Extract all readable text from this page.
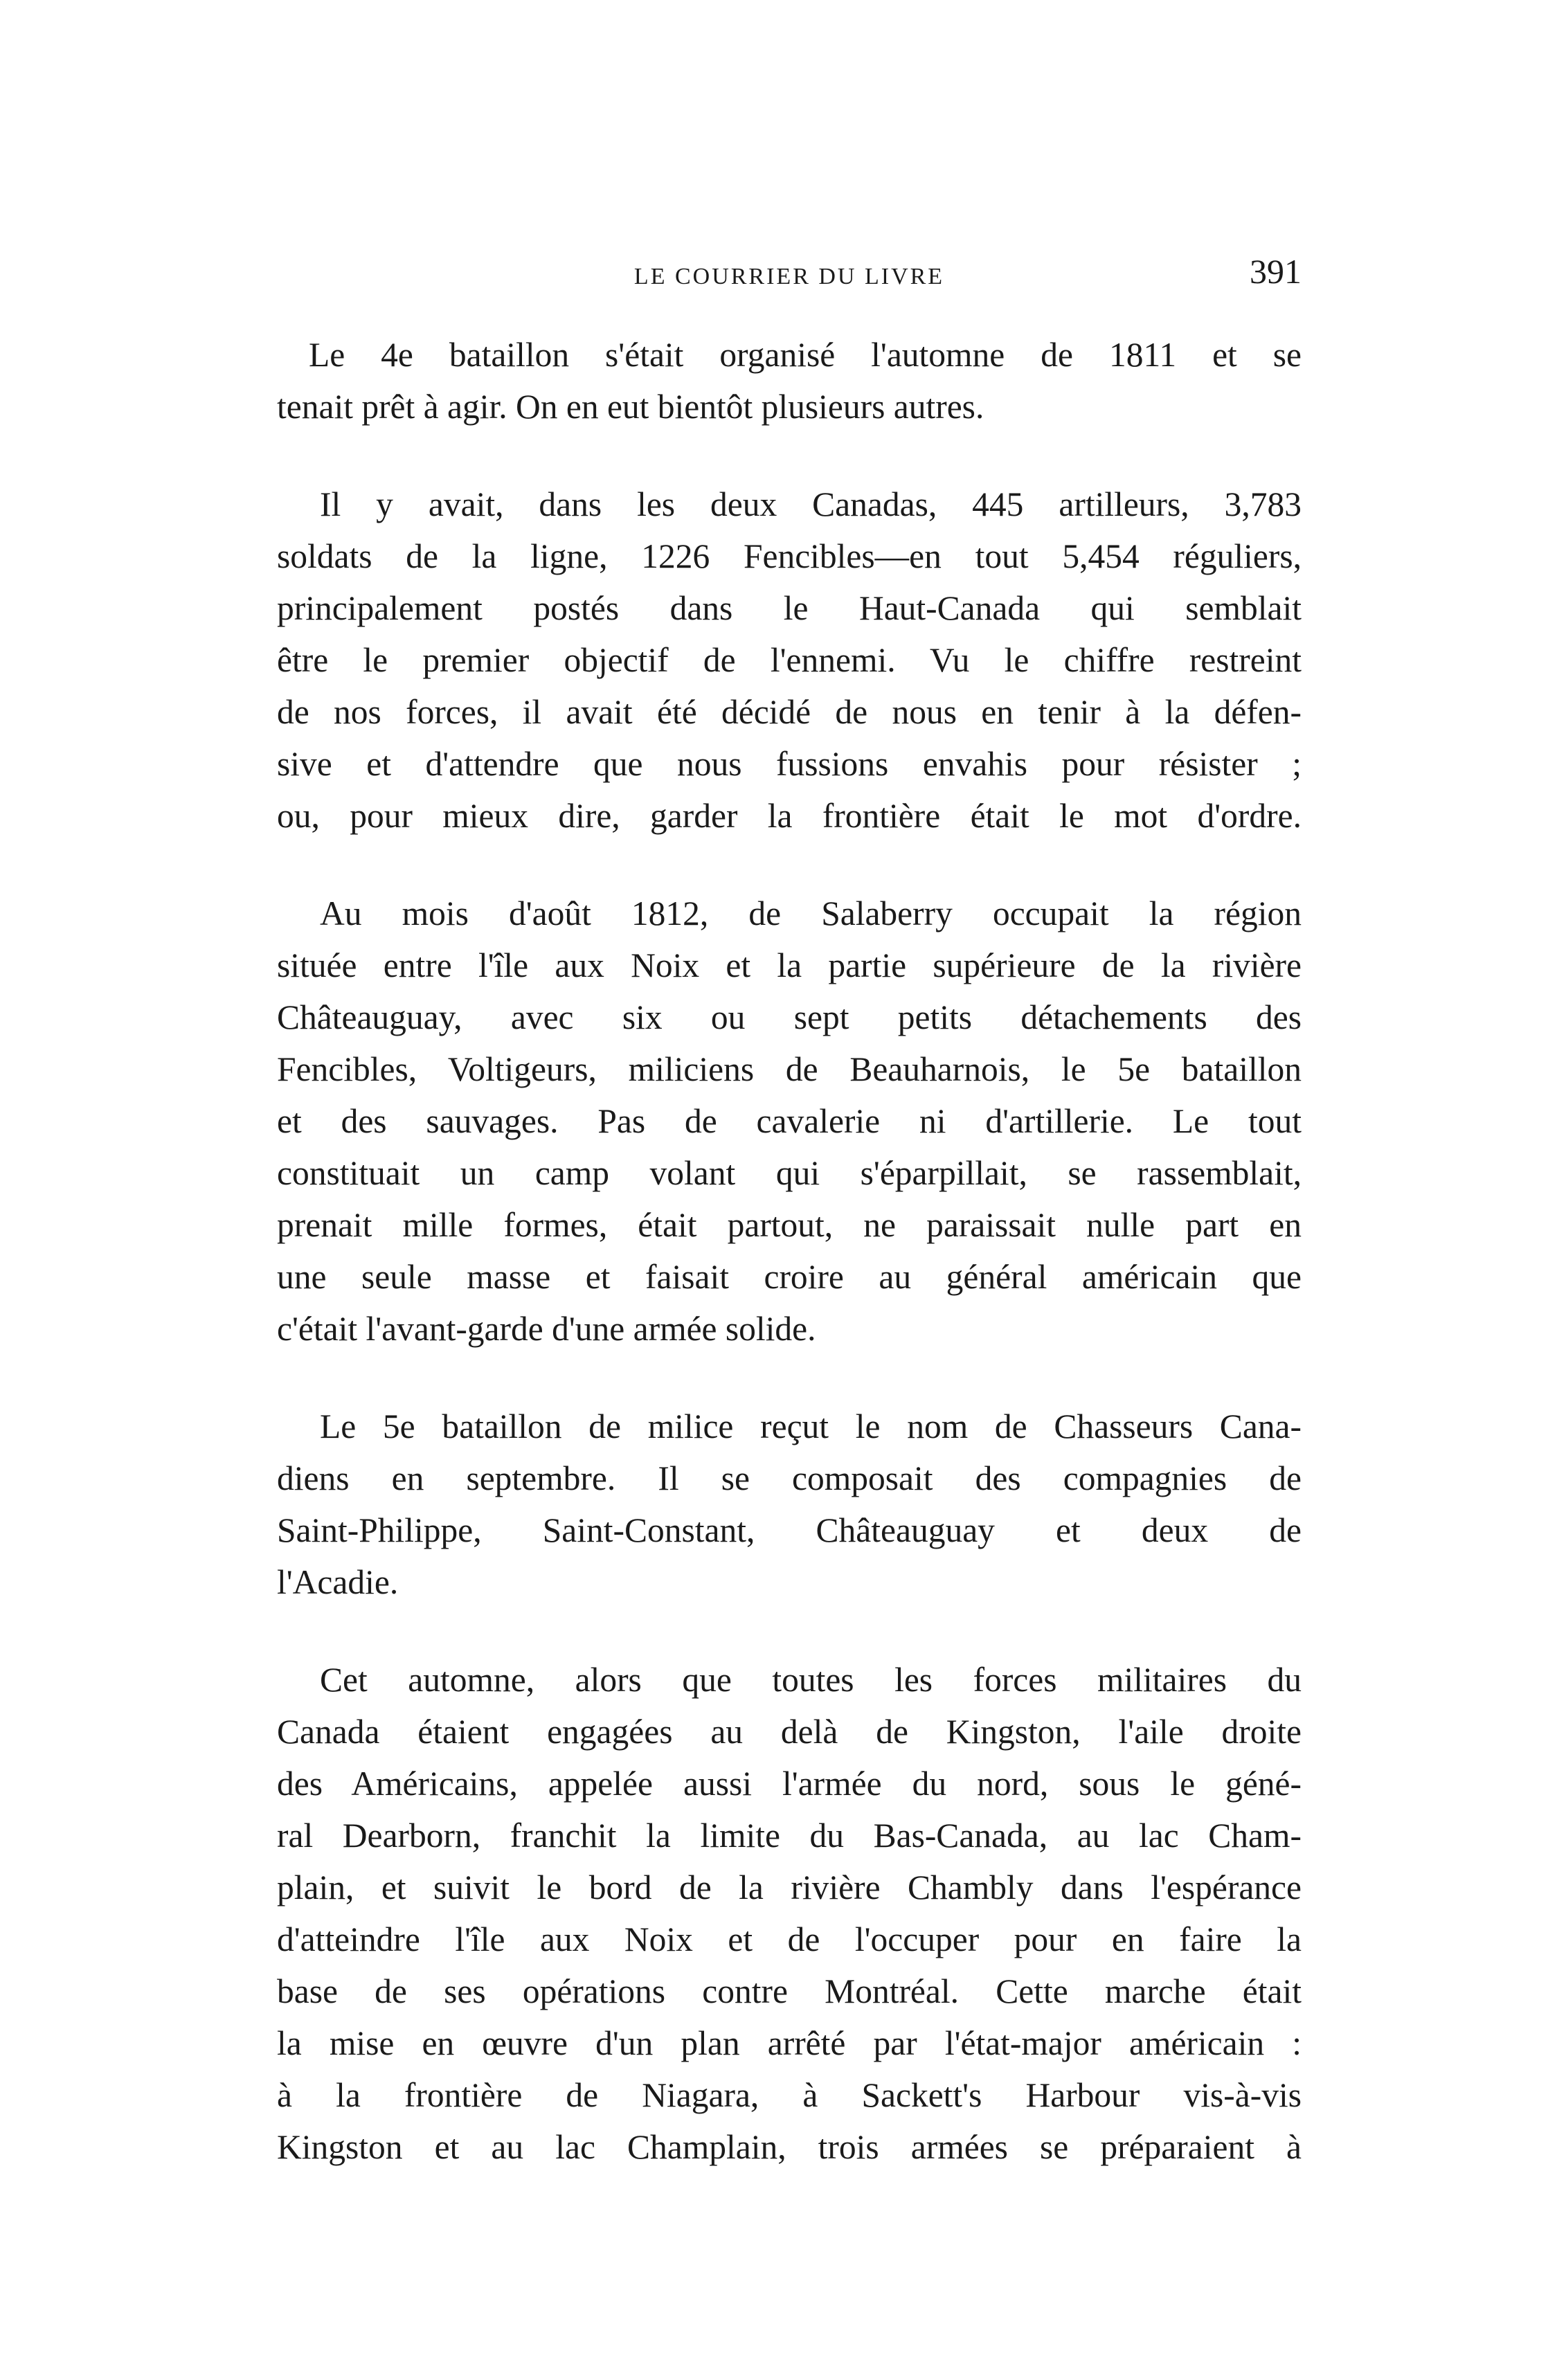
LE COURRIER DU LIVRE	391

Le 4e bataillon s'était organisé l'automne de 1811 et se
tenait prêt à agir. On en eut bientôt plusieurs autres.

Il y avait, dans les deux Canadas, 445 artilleurs, 3,783
soldats de la ligne, 1226 Fencibles—en tout 5,454 réguliers,
principalement postés dans le Haut-Canada qui semblait
être le premier objectif de l'ennemi. Vu le chiffre restreint
de nos forces, il avait été décidé de nous en tenir à la défen-
sive et d'attendre que nous fussions envahis pour résister ;
ou, pour mieux dire, garder la frontière était le mot d'ordre.

Au mois d'août 1812, de Salaberry occupait la région
située entre l'île aux Noix et la partie supérieure de la rivière
Châteauguay, avec six ou sept petits détachements des
Fencibles, Voltigeurs, miliciens de Beauharnois, le 5e bataillon
et des sauvages. Pas de cavalerie ni d'artillerie. Le tout
constituait un camp volant qui s'éparpillait, se rassemblait,
prenait mille formes, était partout, ne paraissait nulle part en
une seule masse et faisait croire au général américain que
c'était l'avant-garde d'une armée solide.

Le 5e bataillon de milice reçut le nom de Chasseurs Cana-
diens en septembre. Il se composait des compagnies de
Saint-Philippe, Saint-Constant, Châteauguay et deux de
l'Acadie.

Cet automne, alors que toutes les forces militaires du
Canada étaient engagées au delà de Kingston, l'aile droite
des Américains, appelée aussi l'armée du nord, sous le géné-
ral Dearborn, franchit la limite du Bas-Canada, au lac Cham-
plain, et suivit le bord de la rivière Chambly dans l'espérance
d'atteindre l'île aux Noix et de l'occuper pour en faire la
base de ses opérations contre Montréal. Cette marche était
la mise en œuvre d'un plan arrêté par l'état-major américain :
à la frontière de Niagara, à Sackett's Harbour vis-à-vis
Kingston et au lac Champlain, trois armées se préparaient à
